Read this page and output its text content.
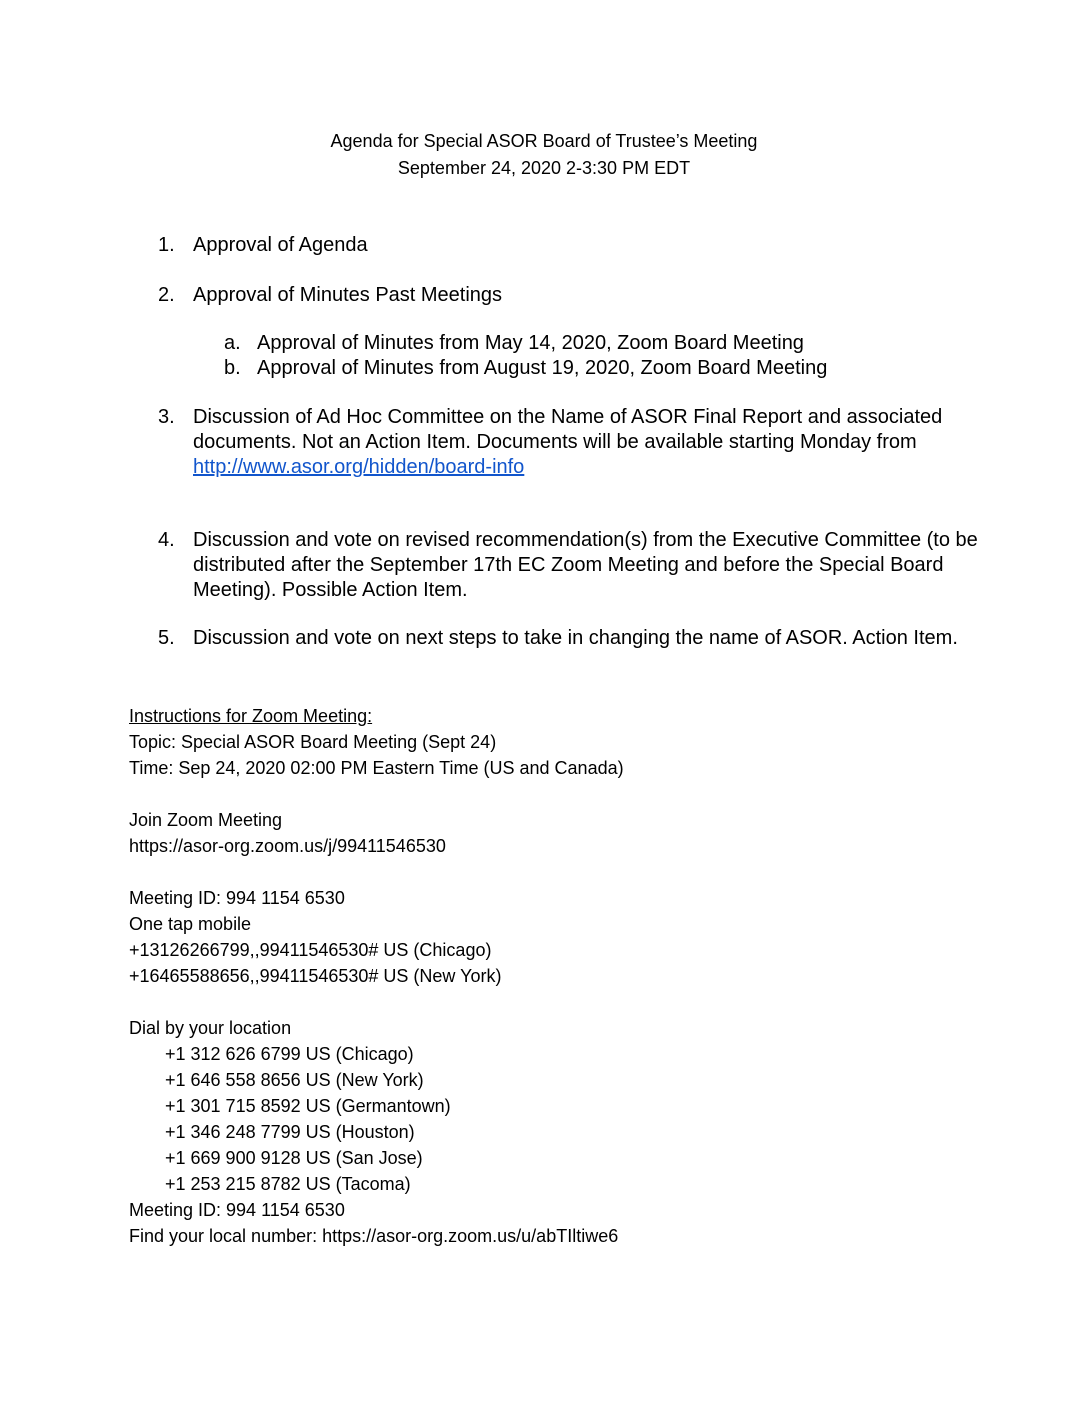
Agenda for Special ASOR Board of Trustee’s Meeting
September 24, 2020 2-3:30 PM EDT
1. Approval of Agenda
2. Approval of Minutes Past Meetings
a. Approval of Minutes from May 14, 2020, Zoom Board Meeting
b. Approval of Minutes from August 19, 2020, Zoom Board Meeting
3. Discussion of Ad Hoc Committee on the Name of ASOR Final Report and associated documents. Not an Action Item. Documents will be available starting Monday from http://www.asor.org/hidden/board-info
4. Discussion and vote on revised recommendation(s) from the Executive Committee (to be distributed after the September 17th EC Zoom Meeting and before the Special Board Meeting). Possible Action Item.
5. Discussion and vote on next steps to take in changing the name of ASOR. Action Item.
Instructions for Zoom Meeting:
Topic: Special ASOR Board Meeting (Sept 24)
Time: Sep 24, 2020 02:00 PM Eastern Time (US and Canada)
Join Zoom Meeting
https://asor-org.zoom.us/j/99411546530
Meeting ID: 994 1154 6530
One tap mobile
+13126266799,,99411546530# US (Chicago)
+16465588656,,99411546530# US (New York)
Dial by your location
+1 312 626 6799 US (Chicago)
+1 646 558 8656 US (New York)
+1 301 715 8592 US (Germantown)
+1 346 248 7799 US (Houston)
+1 669 900 9128 US (San Jose)
+1 253 215 8782 US (Tacoma)
Meeting ID: 994 1154 6530
Find your local number: https://asor-org.zoom.us/u/abTIltiwe6
